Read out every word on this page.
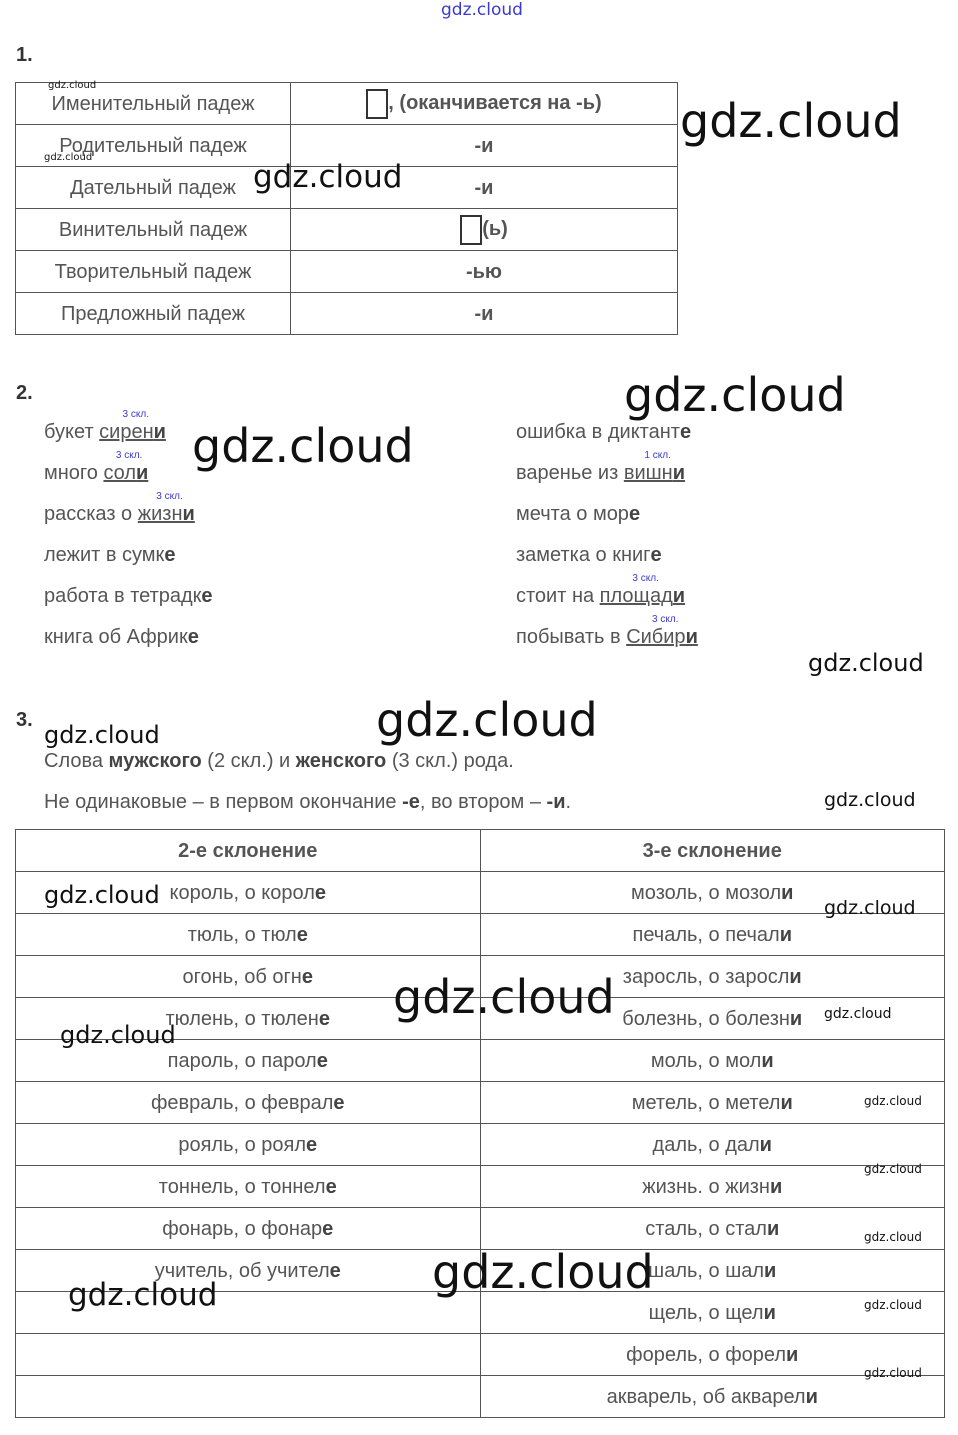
gdz.cloud
1.
Именительный падеж	, (оканчивается на -ь)
Родительный падеж	-и
Дательный падеж	-и
Винительный падеж	(ь)
Творительный падеж	-ью
Предложный падеж	-и
2.
букет сирени
3 скл.
много соли
3 скл.
рассказ о жизни
3 скл.
лежит в сумке
работа в тетрадке
книга об Африке
ошибка в диктанте
варенье из вишни
1 скл.
мечта о море
заметка о книге
стоит на площади
3 скл.
побывать в Сибири
3 скл.
3.
Слова мужского (2 скл.) и женского (3 скл.) рода.
Не одинаковые – в первом окончание -е, во втором – -и.
2-е склонение	3-е склонение
король, о короле	мозоль, о мозоли
тюль, о тюле	печаль, о печали
огонь, об огне	заросль, о заросли
тюлень, о тюлене	болезнь, о болезни
пароль, о пароле	моль, о моли
февраль, о феврале	метель, о метели
рояль, о рояле	даль, о дали
тоннель, о тоннеле	жизнь. о жизни
фонарь, о фонаре	сталь, о стали
учитель, об учителе	шаль, о шали
	щель, о щели
	форель, о форели
	акварель, об акварели
gdz.cloud
gdz.cloud
gdz.cloud
gdz.cloud
gdz.cloud
gdz.cloud
gdz.cloud
gdz.cloud
gdz.cloud
gdz.cloud
gdz.cloud	gdz.cloud
gdz.cloud
gdz.cloud
gdz.cloud
gdz.cloud
gdz.cloud
gdz.cloud
gdz.cloud
gdz.cloud	gdz.cloud
gdz.cloud
